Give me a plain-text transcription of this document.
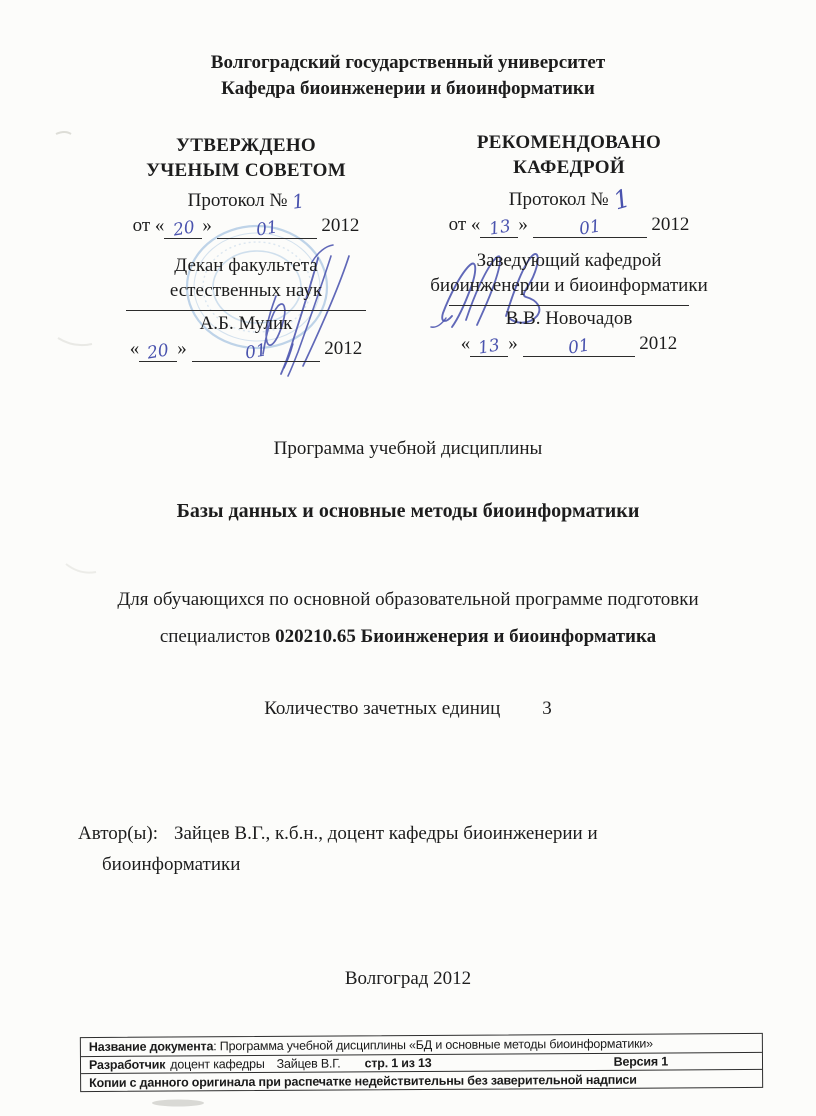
Волгоградский государственный университет
Кафедра биоинженерии и биоинформатики
УТВЕРЖДЕНО
УЧЕНЫМ СОВЕТОМ
Протокол № 1
от « 20 »	01 2012
Декан факультета
естественных наук
А.Б. Мулик
« 20 »	01	2012
РЕКОМЕНДОВАНО
КАФЕДРОЙ
Протокол № 1
от « 13 »	01	2012
Заведующий кафедрой
биоинженерии и биоинформатики
В.В. Новочадов
« 13 »	01	2012
Программа учебной дисциплины
Базы данных и основные методы биоинформатики
Для обучающихся по основной образовательной программе подготовки
специалистов 020210.65 Биоинженерия и биоинформатика
Количество зачетных единиц 3
Автор(ы): Зайцев В.Г., к.б.н., доцент кафедры биоинженерии и
биоинформатики
Волгоград 2012
Название документа : Программа учебной дисциплины «БД и основные методы биоинформатики»
Разработчик доцент кафедры Зайцев В.Г. стр. 1 из 13	Версия 1
Копии с данного оригинала при распечатке недействительны без заверительной надписи
